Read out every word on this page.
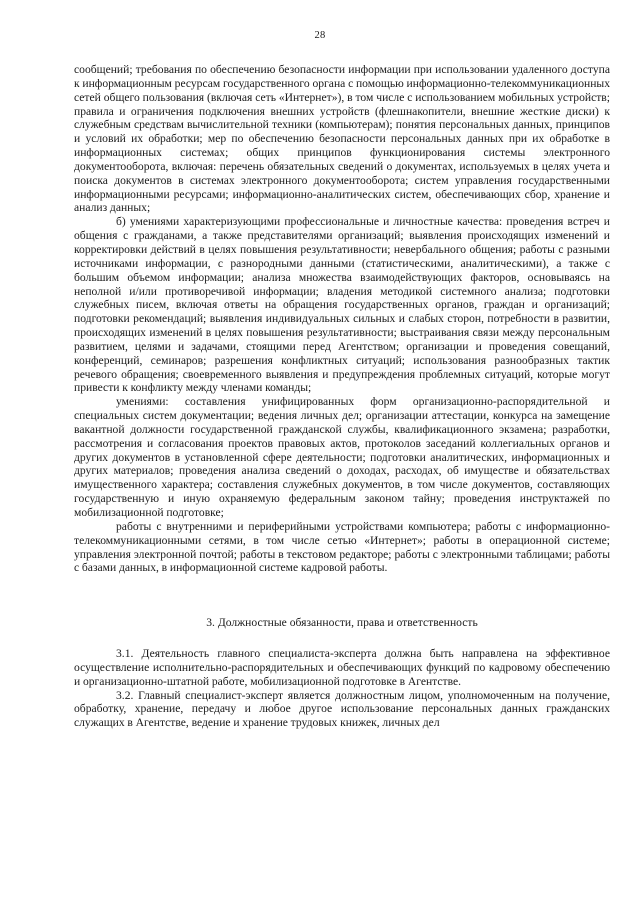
28

сообщений; требования по обеспечению безопасности информации при использовании удаленного доступа к информационным ресурсам государственного органа с помощью информационно-телекоммуникационных сетей общего пользования (включая сеть «Интернет»), в том числе с использованием мобильных устройств; правила и ограничения подключения внешних устройств (флешнакопители, внешние жесткие диски) к служебным средствам вычислительной техники (компьютерам); понятия персональных данных, принципов и условий их обработки; мер по обеспечению безопасности персональных данных при их обработке в информационных системах; общих принципов функционирования системы электронного документооборота, включая: перечень обязательных сведений о документах, используемых в целях учета и поиска документов в системах электронного документооборота; систем управления государственными информационными ресурсами; информационно-аналитических систем, обеспечивающих сбор, хранение и анализ данных;

б) умениями характеризующими профессиональные и личностные качества: проведения встреч и общения с гражданами, а также представителями организаций; выявления происходящих изменений и корректировки действий в целях повышения результативности; невербального общения; работы с разными источниками информации, с разнородными данными (статистическими, аналитическими), а также с большим объемом информации; анализа множества взаимодействующих факторов, основываясь на неполной и/или противоречивой информации; владения методикой системного анализа; подготовки служебных писем, включая ответы на обращения государственных органов, граждан и организаций; подготовки рекомендаций; выявления индивидуальных сильных и слабых сторон, потребности в развитии, происходящих изменений в целях повышения результативности; выстраивания связи между персональным развитием, целями и задачами, стоящими перед Агентством; организации и проведения совещаний, конференций, семинаров; разрешения конфликтных ситуаций; использования разнообразных тактик речевого обращения; своевременного выявления и предупреждения проблемных ситуаций, которые могут привести к конфликту между членами команды;

умениями: составления унифицированных форм организационно-распорядительной и специальных систем документации; ведения личных дел; организации аттестации, конкурса на замещение вакантной должности государственной гражданской службы, квалификационного экзамена; разработки, рассмотрения и согласования проектов правовых актов, протоколов заседаний коллегиальных органов и других документов в установленной сфере деятельности; подготовки аналитических, информационных и других материалов; проведения анализа сведений о доходах, расходах, об имуществе и обязательствах имущественного характера; составления служебных документов, в том числе документов, составляющих государственную и иную охраняемую федеральным законом тайну; проведения инструктажей по мобилизационной подготовке;

работы с внутренними и периферийными устройствами компьютера; работы с информационно-телекоммуникационными сетями, в том числе сетью «Интернет»; работы в операционной системе; управления электронной почтой; работы в текстовом редакторе; работы с электронными таблицами; работы с базами данных, в информационной системе кадровой работы.

3. Должностные обязанности, права и ответственность

3.1. Деятельность главного специалиста-эксперта должна быть направлена на эффективное осуществление исполнительно-распорядительных и обеспечивающих функций по кадровому обеспечению и организационно-штатной работе, мобилизационной подготовке в Агентстве.

3.2. Главный специалист-эксперт является должностным лицом, уполномоченным на получение, обработку, хранение, передачу и любое другое использование персональных данных гражданских служащих в Агентстве, ведение и хранение трудовых книжек, личных дел
